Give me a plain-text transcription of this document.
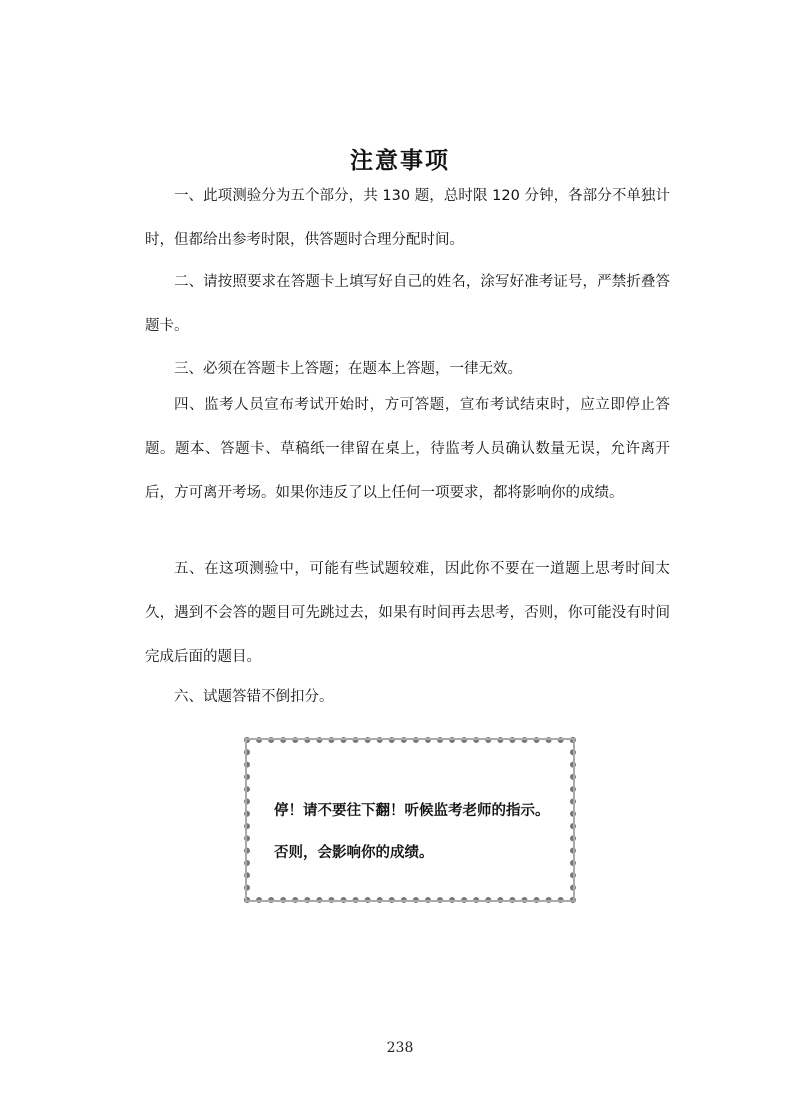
注意事项

一、此项测验分为五个部分，共 130 题，总时限 120 分钟，各部分不单独计时，但都给出参考时限，供答题时合理分配时间。

二、请按照要求在答题卡上填写好自己的姓名，涂写好准考证号，严禁折叠答题卡。

三、必须在答题卡上答题；在题本上答题，一律无效。

四、监考人员宣布考试开始时，方可答题，宣布考试结束时，应立即停止答题。题本、答题卡、草稿纸一律留在桌上，待监考人员确认数量无误，允许离开后，方可离开考场。如果你违反了以上任何一项要求，都将影响你的成绩。

五、在这项测验中，可能有些试题较难，因此你不要在一道题上思考时间太久，遇到不会答的题目可先跳过去，如果有时间再去思考，否则，你可能没有时间完成后面的题目。

六、试题答错不倒扣分。

停！请不要往下翻！听候监考老师的指示。

否则，会影响你的成绩。

238
